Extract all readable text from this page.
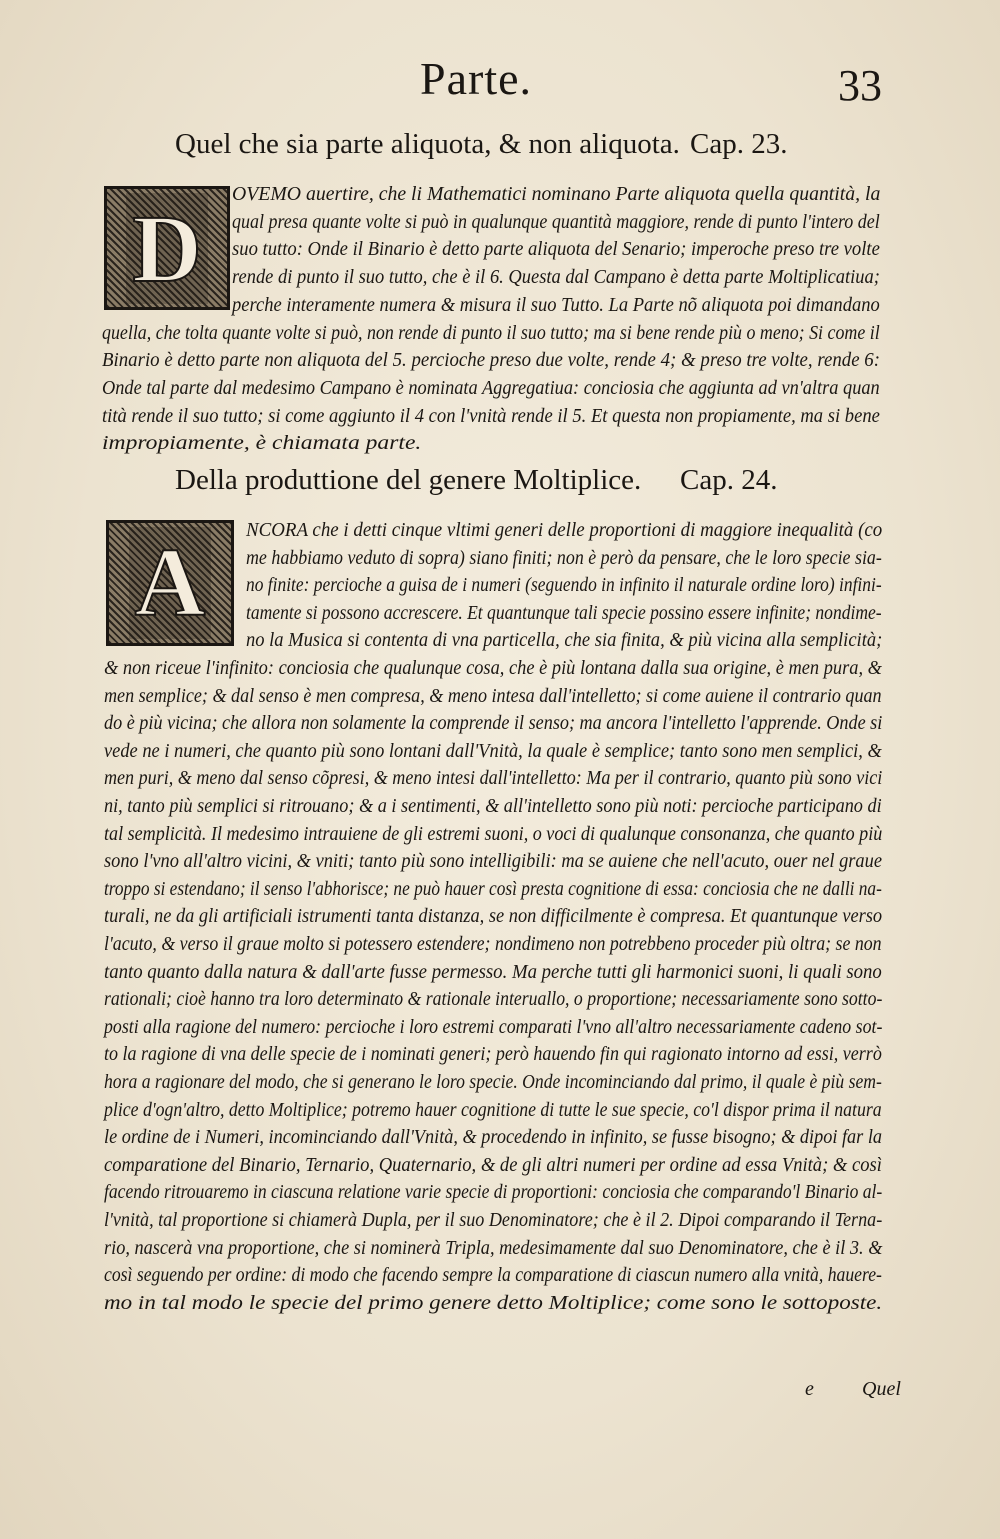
Parte.	33
Quel che sia parte aliquota, & non aliquota. Cap. 23.
D
OVEMO auertire, che li Mathematici nominano Parte aliquota quella quantità, la
qual presa quante volte si può in qualunque quantità maggiore, rende di punto l'intero del
suo tutto: Onde il Binario è detto parte aliquota del Senario; imperoche preso tre volte
rende di punto il suo tutto, che è il 6. Questa dal Campano è detta parte Moltiplicatiua;
perche interamente numera & misura il suo Tutto. La Parte nõ aliquota poi dimandano
quella, che tolta quante volte si può, non rende di punto il suo tutto; ma si bene rende più o meno; Si come il
Binario è detto parte non aliquota del 5. percioche preso due volte, rende 4; & preso tre volte, rende 6:
Onde tal parte dal medesimo Campano è nominata Aggregatiua: conciosia che aggiunta ad vn'altra quan
tità rende il suo tutto; si come aggiunto il 4 con l'vnità rende il 5. Et questa non propiamente, ma si bene
impropiamente, è chiamata parte.
Della produttione del genere Moltiplice. Cap. 24.
A NCORA che i detti cinque vltimi generi delle proportioni di maggiore inequalità (co
me habbiamo veduto di sopra) siano finiti; non è però da pensare, che le loro specie sia-
no finite: percioche a guisa de i numeri (seguendo in infinito il naturale ordine loro) infini-
tamente si possono accrescere. Et quantunque tali specie possino essere infinite; nondime-
no la Musica si contenta di vna particella, che sia finita, & più vicina alla semplicità;
& non riceue l'infinito: conciosia che qualunque cosa, che è più lontana dalla sua origine, è men pura, &
men semplice; & dal senso è men compresa, & meno intesa dall'intelletto; si come auiene il contrario quan
do è più vicina; che allora non solamente la comprende il senso; ma ancora l'intelletto l'apprende. Onde si
vede ne i numeri, che quanto più sono lontani dall'Vnità, la quale è semplice; tanto sono men semplici, &
men puri, & meno dal senso cõpresi, & meno intesi dall'intelletto: Ma per il contrario, quanto più sono vici
ni, tanto più semplici si ritrouano; & a i sentimenti, & all'intelletto sono più noti: percioche participano di
tal semplicità. Il medesimo intrauiene de gli estremi suoni, o voci di qualunque consonanza, che quanto più
sono l'vno all'altro vicini, & vniti; tanto più sono intelligibili: ma se auiene che nell'acuto, ouer nel graue
troppo si estendano; il senso l'abhorisce; ne può hauer così presta cognitione di essa: conciosia che ne dalli na-
turali, ne da gli artificiali istrumenti tanta distanza, se non difficilmente è compresa. Et quantunque verso
l'acuto, & verso il graue molto si potessero estendere; nondimeno non potrebbeno proceder più oltra; se non
tanto quanto dalla natura & dall'arte fusse permesso. Ma perche tutti gli harmonici suoni, li quali sono
rationali; cioè hanno tra loro determinato & rationale interuallo, o proportione; necessariamente sono sotto-
posti alla ragione del numero: percioche i loro estremi comparati l'vno all'altro necessariamente cadeno sot-
to la ragione di vna delle specie de i nominati generi; però hauendo fin qui ragionato intorno ad essi, verrò
hora a ragionare del modo, che si generano le loro specie. Onde incominciando dal primo, il quale è più sem-
plice d'ogn'altro, detto Moltiplice; potremo hauer cognitione di tutte le sue specie, co'l dispor prima il natura
le ordine de i Numeri, incominciando dall'Vnità, & procedendo in infinito, se fusse bisogno; & dipoi far la
comparatione del Binario, Ternario, Quaternario, & de gli altri numeri per ordine ad essa Vnità; & così
facendo ritrouaremo in ciascuna relatione varie specie di proportioni: conciosia che comparando'l Binario al-
l'vnità, tal proportione si chiamerà Dupla, per il suo Denominatore; che è il 2. Dipoi comparando il Terna-
rio, nascerà vna proportione, che si nominerà Tripla, medesimamente dal suo Denominatore, che è il 3. &
così seguendo per ordine: di modo che facendo sempre la comparatione di ciascun numero alla vnità, hauere-
mo in tal modo le specie del primo genere detto Moltiplice; come sono le sottoposte.
e Quel
